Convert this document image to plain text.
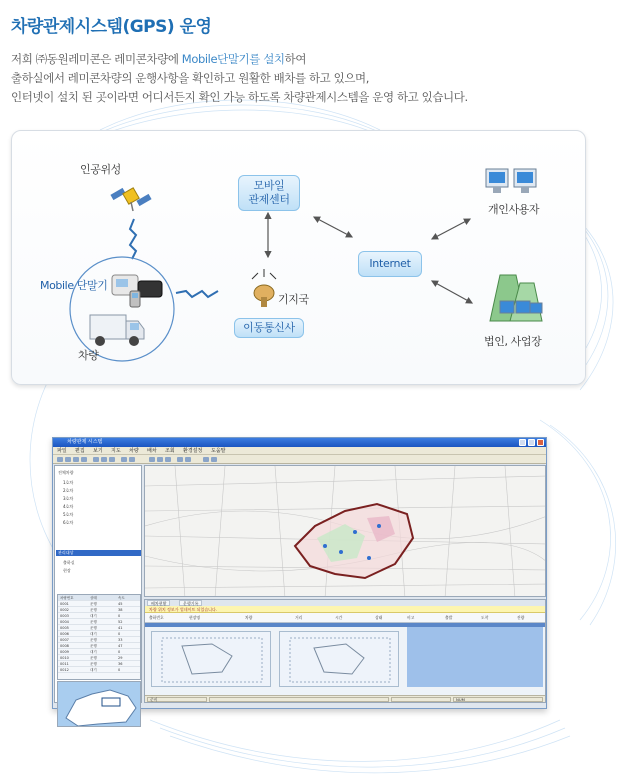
차량관제시스템(GPS) 운영
저희 ㈜동원레미콘은 레미콘차량에 Mobile단말기를 설치하여
출하실에서 레미콘차량의 운행사항을 확인하고 원활한 배차를 하고 있으며,
인터넷이 설치 된 곳이라면 어디서든지 확인 가능 하도록 차량관제시스템을 운영 하고 있습니다.
인공위성
Mobile 단말기
차량
모바일
관제센터
기지국
이동통신사
Internet
개인사용자
법인, 사업장
차량관제 시스템
파일 편집 보기 지도 차량 배차 조회 환경설정 도움말
전체차량
1호차
2호차
3호차
4호차
5호차
6호차
관리대상
출하실
현장
차량번호	상태	속도
0001	운행	45
0002	운행	38
0003	대기	0
0004	운행	52
0005	운행	41
0006	대기	0
0007	운행	33
0008	운행	47
0009	대기	0
0010	운행	29
0011	운행	36
0012	대기	0
배차현황	운행기록
차량 위치 정보가 업데이트 되었습니다.
출하번호	현장명	차량	거리	시간	상태	비고	출발	도착	잔량
준비	NUM
